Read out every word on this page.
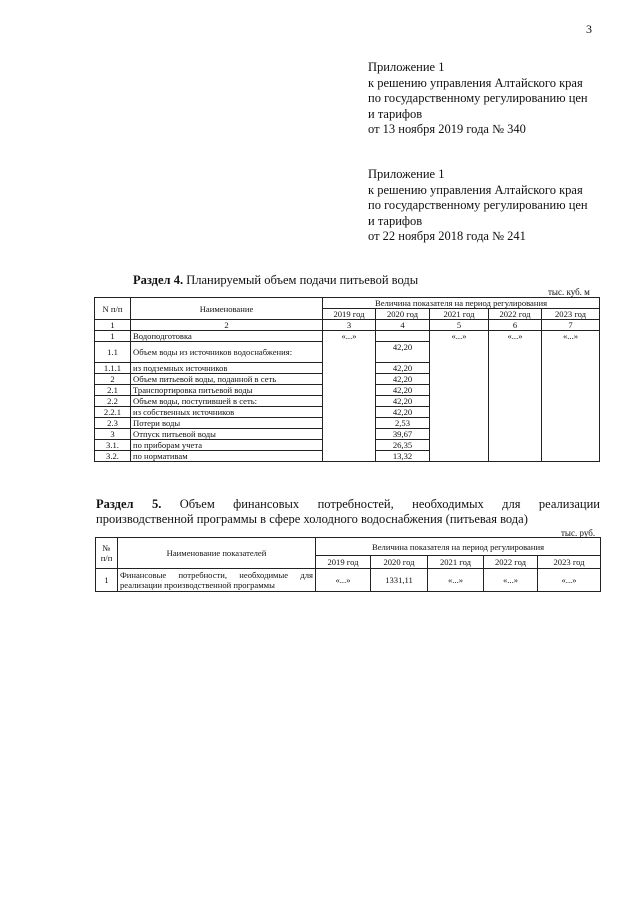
3
Приложение 1
к решению управления Алтайского края
по государственному регулированию цен
и тарифов
от 13 ноября 2019 года № 340
Приложение 1
к решению управления Алтайского края
по государственному регулированию цен
и тарифов
от 22 ноября 2018 года № 241
Раздел 4. Планируемый объем подачи питьевой воды
тыс. куб. м
N п/п	Наименование	Величина показателя на период регулирования				
		2019 год	2020 год	2021 год	2022 год	2023 год
1	2	3	4	5	6	7
1	Водоподготовка	«...»		«...»	«...»	«...»
1.1	Объем воды из источников водоснабжения:		42,20			
1.1.1	из подземных источников		42,20			
2	Объем питьевой воды, поданной в сеть		42,20			
2.1	Транспортировка питьевой воды		42,20			
2.2	Объем воды, поступившей в сеть:		42,20			
2.2.1	из собственных источников		42,20			
2.3	Потери воды		2,53			
3	Отпуск питьевой воды		39,67			
3.1.	по приборам учета		26,35			
3.2.	по нормативам		13,32			
Раздел 5. Объем финансовых потребностей, необходимых для реализации
производственной программы в сфере холодного водоснабжения (питьевая вода)
тыс. руб.
№ п/п	Наименование показателей	Величина показателя на период регулирования				
		2019 год	2020 год	2021 год	2022 год	2023 год
1	Финансовые потребности, необходимые для реализации производственной программы	«...»	1331,11	«...»	«...»	«...»
